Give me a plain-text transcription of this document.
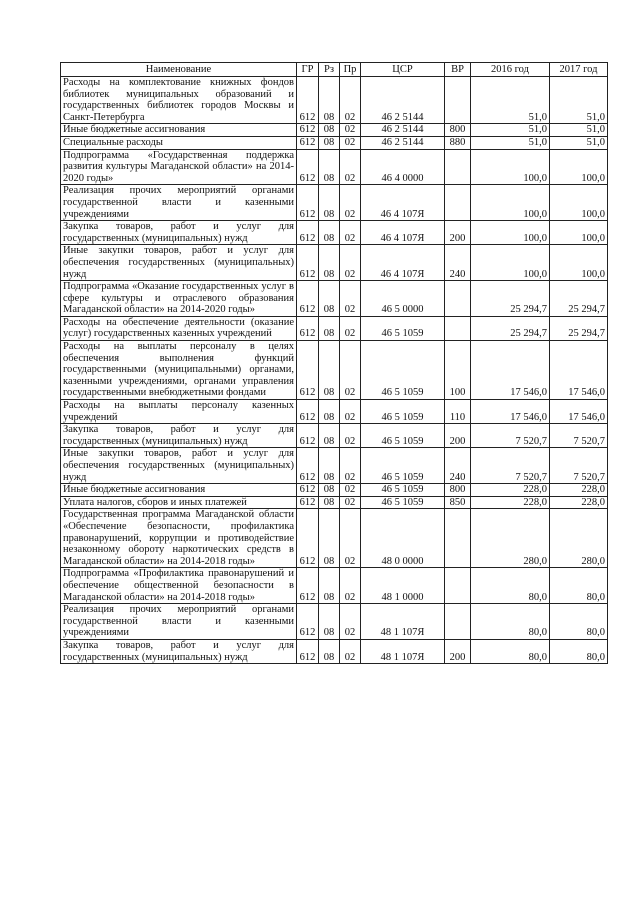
Наименование	ГР	Рз	Пр	ЦСР	ВР	2016 год	2017 год
Расходы на комплектование книжных фондов библиотек муниципальных образований и государственных библиотек городов Москвы и Санкт-Петербурга	612	08	02	46 2 5144		51,0	51,0
Иные бюджетные ассигнования	612	08	02	46 2 5144	800	51,0	51,0
Специальные расходы	612	08	02	46 2 5144	880	51,0	51,0
Подпрограмма «Государственная поддержка развития культуры Магаданской области» на 2014-2020 годы»	612	08	02	46 4 0000		100,0	100,0
Реализация прочих мероприятий органами государственной власти и казенными учреждениями	612	08	02	46 4 107Я		100,0	100,0
Закупка товаров, работ и услуг для государственных (муниципальных) нужд	612	08	02	46 4 107Я	200	100,0	100,0
Иные закупки товаров, работ и услуг для обеспечения государственных (муниципальных) нужд	612	08	02	46 4 107Я	240	100,0	100,0
Подпрограмма «Оказание государственных услуг в сфере культуры и отраслевого образования Магаданской области» на 2014-2020 годы»	612	08	02	46 5 0000		25 294,7	25 294,7
Расходы на обеспечение деятельности (оказание услуг) государственных казенных учреждений	612	08	02	46 5 1059		25 294,7	25 294,7
Расходы на выплаты персоналу в целях обеспечения выполнения функций государственными (муниципальными) органами, казенными учреждениями, органами управления государственными внебюджетными фондами	612	08	02	46 5 1059	100	17 546,0	17 546,0
Расходы на выплаты персоналу казенных учреждений	612	08	02	46 5 1059	110	17 546,0	17 546,0
Закупка товаров, работ и услуг для государственных (муниципальных) нужд	612	08	02	46 5 1059	200	7 520,7	7 520,7
Иные закупки товаров, работ и услуг для обеспечения государственных (муниципальных) нужд	612	08	02	46 5 1059	240	7 520,7	7 520,7
Иные бюджетные ассигнования	612	08	02	46 5 1059	800	228,0	228,0
Уплата налогов, сборов и иных платежей	612	08	02	46 5 1059	850	228,0	228,0
Государственная программа Магаданской области «Обеспечение безопасности, профилактика правонарушений, коррупции и противодействие незаконному обороту наркотических средств в Магаданской области» на 2014-2018 годы»	612	08	02	48 0 0000		280,0	280,0
Подпрограмма «Профилактика правонарушений и обеспечение общественной безопасности в Магаданской области» на 2014-2018 годы»	612	08	02	48 1 0000		80,0	80,0
Реализация прочих мероприятий органами государственной власти и казенными учреждениями	612	08	02	48 1 107Я		80,0	80,0
Закупка товаров, работ и услуг для государственных (муниципальных) нужд	612	08	02	48 1 107Я	200	80,0	80,0
